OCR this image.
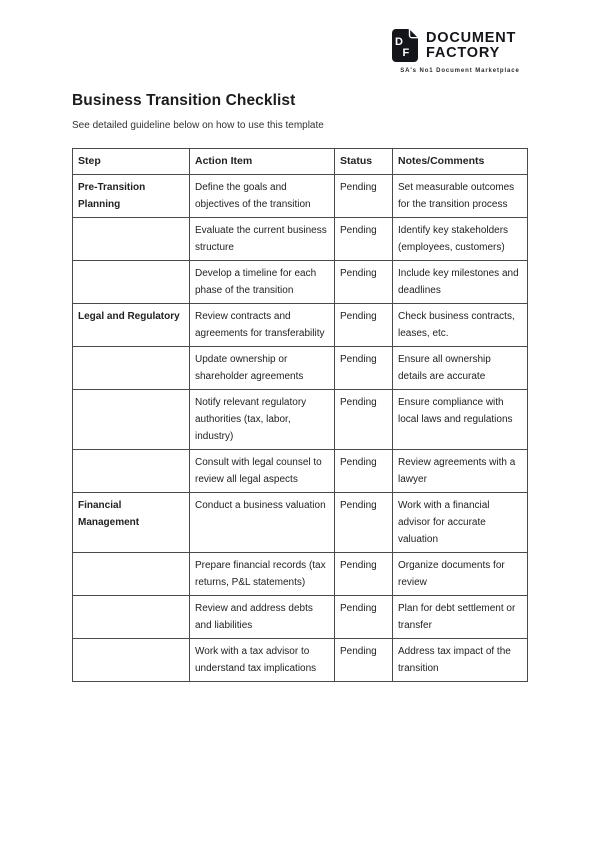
D
F
DOCUMENT
FACTORY
SA's No1 Document Marketplace
Business Transition Checklist

See detailed guideline below on how to use this template

Step	Action Item	Status	Notes/Comments
Pre-Transition Planning	Define the goals and objectives of the transition	Pending	Set measurable outcomes for the transition process
	Evaluate the current business structure	Pending	Identify key stakeholders (employees, customers)
	Develop a timeline for each phase of the transition	Pending	Include key milestones and deadlines
Legal and Regulatory	Review contracts and agreements for transferability	Pending	Check business contracts, leases, etc.
	Update ownership or shareholder agreements	Pending	Ensure all ownership details are accurate
	Notify relevant regulatory authorities (tax, labor, industry)	Pending	Ensure compliance with local laws and regulations
	Consult with legal counsel to review all legal aspects	Pending	Review agreements with a lawyer
Financial Management	Conduct a business valuation	Pending	Work with a financial advisor for accurate valuation
	Prepare financial records (tax returns, P&L statements)	Pending	Organize documents for review
	Review and address debts and liabilities	Pending	Plan for debt settlement or transfer
	Work with a tax advisor to understand tax implications	Pending	Address tax impact of the transition
